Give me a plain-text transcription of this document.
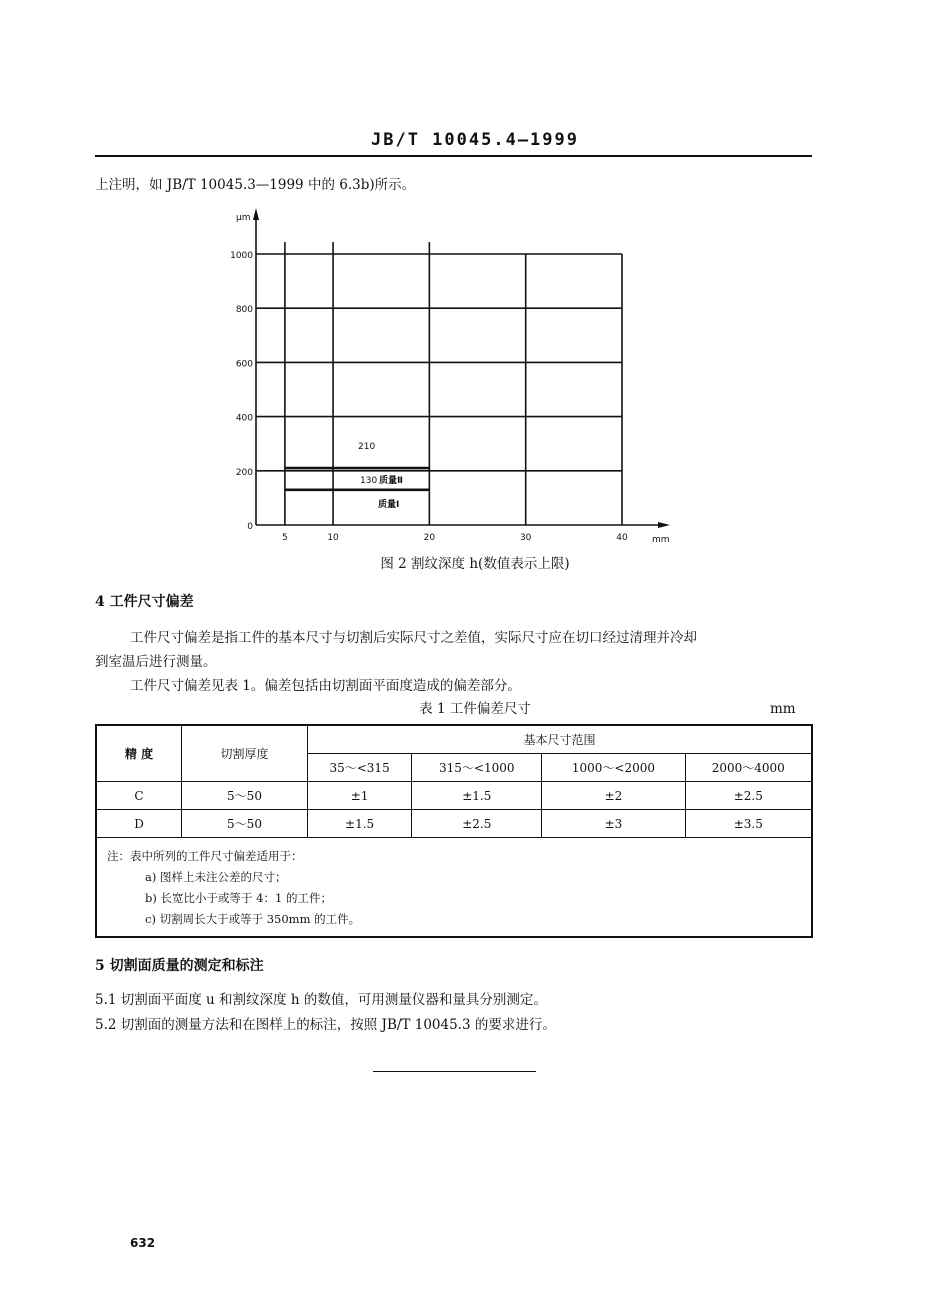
JB/T 10045.4—1999
上注明，如 JB/T 10045.3—1999 中的 6.3b)所示。
0
200
400
600
800
1000
5	10	20	30	40
μm
mm
210
130 质量Ⅱ
质量Ⅰ
图 2 割纹深度 h(数值表示上限)
4 工件尺寸偏差
工件尺寸偏差是指工件的基本尺寸与切割后实际尺寸之差值，实际尺寸应在切口经过清理并冷却
到室温后进行测量。
工件尺寸偏差见表 1。偏差包括由切割面平面度造成的偏差部分。
表 1 工件偏差尺寸	mm
精 度	切割厚度	基本尺寸范围			
		35～<315	315～<1000	1000～<2000	2000～4000
C	5～50	±1	±1.5	±2	±2.5
D	5～50	±1.5	±2.5	±3	±3.5

注：表中所列的工件尺寸偏差适用于：
a) 图样上未注公差的尺寸；
b) 长宽比小于或等于 4：1 的工件；
c) 切割周长大于或等于 350mm 的工件。					
5 切割面质量的测定和标注
5.1 切割面平面度 u 和割纹深度 h 的数值，可用测量仪器和量具分别测定。
5.2 切割面的测量方法和在图样上的标注，按照 JB/T 10045.3 的要求进行。
632
